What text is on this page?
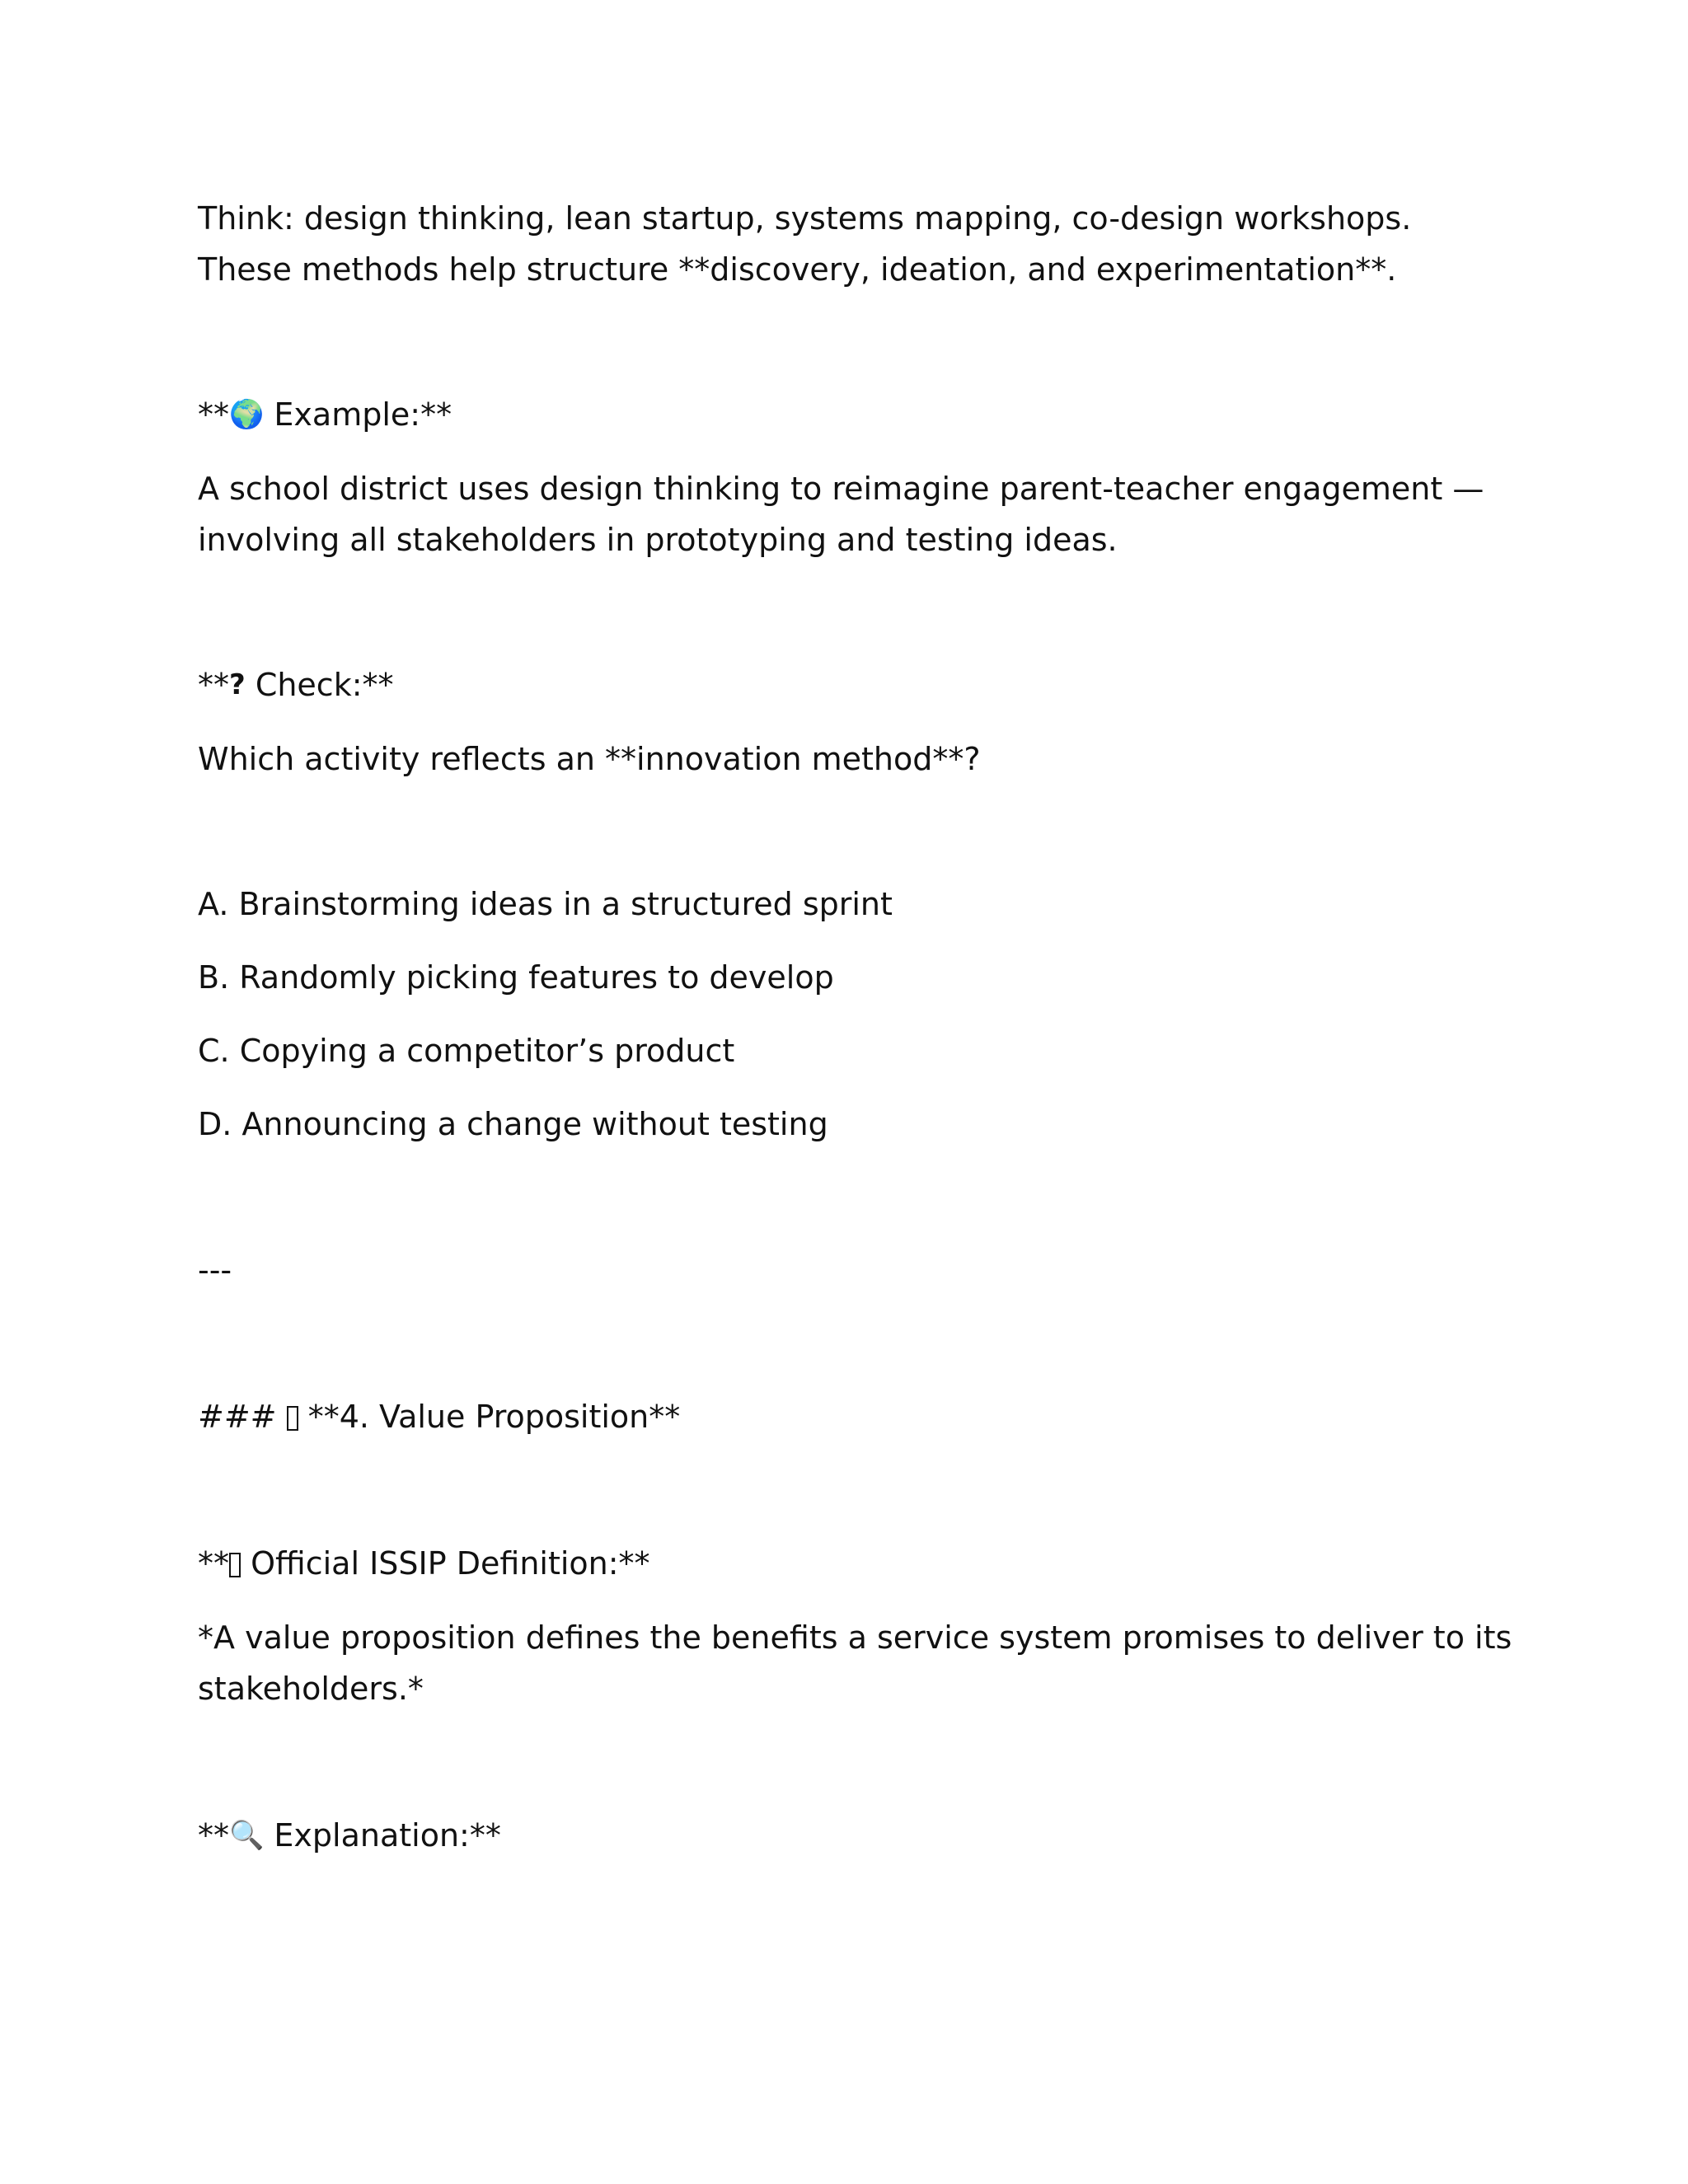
Think: design thinking, lean startup, systems mapping, co-design workshops.

These methods help structure **discovery, ideation, and experimentation**.

**🌍 Example:**

A school district uses design thinking to reimagine parent-teacher engagement —

involving all stakeholders in prototyping and testing ideas.

**? Check:**

Which activity reflects an **innovation method**?

A. Brainstorming ideas in a structured sprint

B. Randomly picking features to develop

C. Copying a competitor’s product

D. Announcing a change without testing

---

###  **4. Value Proposition**

** Official ISSIP Definition:**

*A value proposition defines the benefits a service system promises to deliver to its

stakeholders.*

**🔍 Explanation:**
